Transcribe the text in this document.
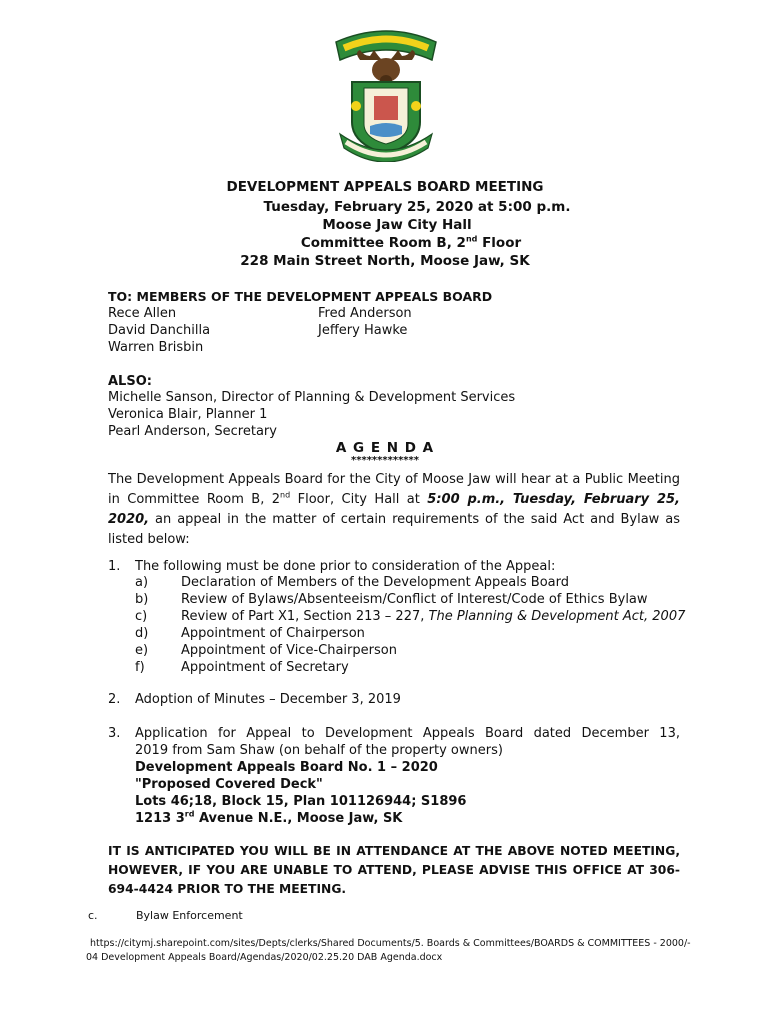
DEVELOPMENT APPEALS BOARD MEETING
Tuesday, February 25, 2020 at 5:00 p.m.
Moose Jaw City Hall
Committee Room B, 2nd Floor
228 Main Street North, Moose Jaw, SK
TO: MEMBERS OF THE DEVELOPMENT APPEALS BOARD
Rece Allen
David Danchilla
Warren Brisbin
Fred Anderson
Jeffery Hawke
ALSO:
Michelle Sanson, Director of Planning & Development Services
Veronica Blair, Planner 1
Pearl Anderson, Secretary
A G E N D A
*************
The Development Appeals Board for the City of Moose Jaw will hear at a Public Meeting in Committee Room B, 2nd Floor, City Hall at 5:00 p.m., Tuesday, February 25, 2020, an appeal in the matter of certain requirements of the said Act and Bylaw as listed below:
1. The following must be done prior to consideration of the Appeal:
a)	Declaration of Members of the Development Appeals Board
b)	Review of Bylaws/Absenteeism/Conflict of Interest/Code of Ethics Bylaw
c)	Review of Part X1, Section 213 – 227, The Planning & Development Act, 2007
d)	Appointment of Chairperson
e)	Appointment of Vice-Chairperson
f)	Appointment of Secretary
2. Adoption of Minutes – December 3, 2019
3. Application for Appeal to Development Appeals Board dated December 13,
2019 from Sam Shaw (on behalf of the property owners)
Development Appeals Board No. 1 – 2020
"Proposed Covered Deck"
Lots 46;18, Block 15, Plan 101126944; S1896
1213 3rd Avenue N.E., Moose Jaw, SK
IT IS ANTICIPATED YOU WILL BE IN ATTENDANCE AT THE ABOVE NOTED MEETING, HOWEVER, IF YOU ARE UNABLE TO ATTEND, PLEASE ADVISE THIS OFFICE AT 306-694-4424 PRIOR TO THE MEETING.
c.	Bylaw Enforcement
https://citymj.sharepoint.com/sites/Depts/clerks/Shared Documents/5. Boards & Committees/BOARDS & COMMITTEES - 2000/-
04 Development Appeals Board/Agendas/2020/02.25.20 DAB Agenda.docx
